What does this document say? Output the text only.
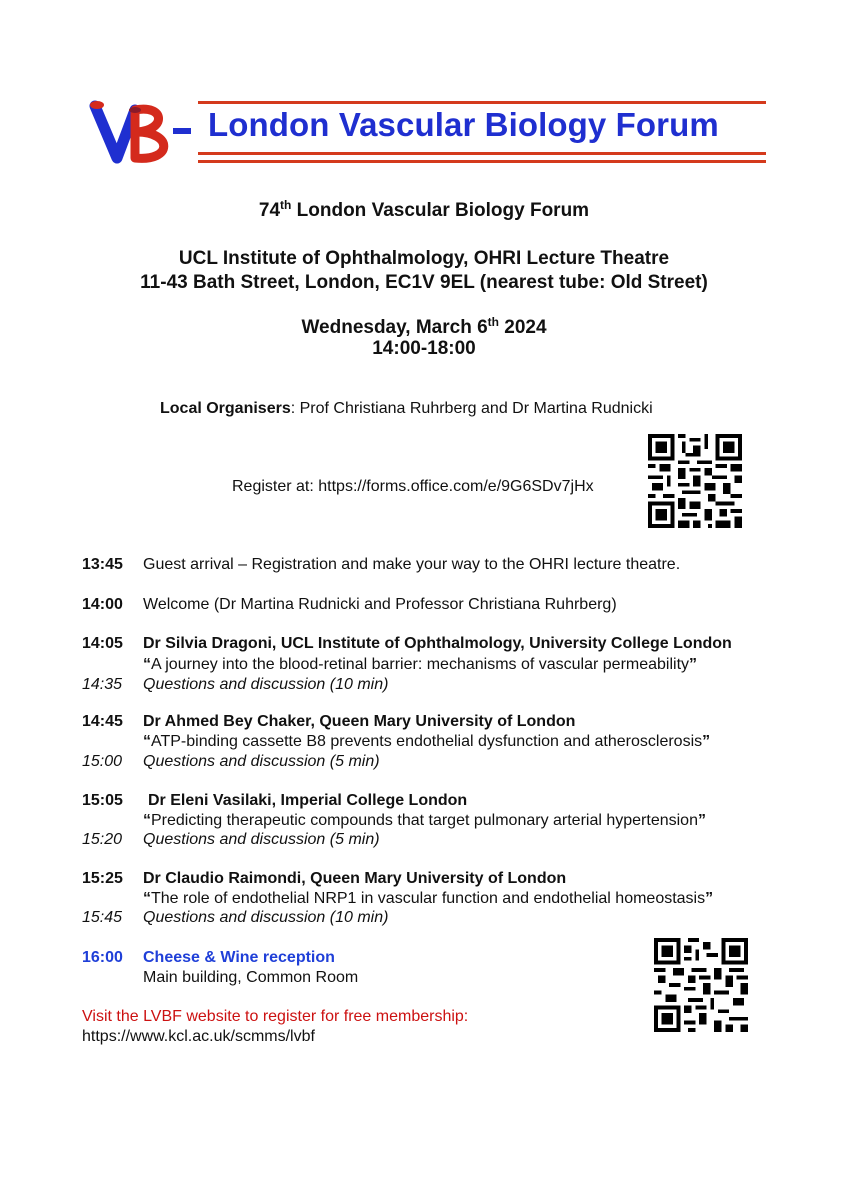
London Vascular Biology Forum
74th London Vascular Biology Forum
UCL Institute of Ophthalmology, OHRI Lecture Theatre
11-43 Bath Street, London, EC1V 9EL (nearest tube: Old Street)
Wednesday, March 6th 2024
14:00-18:00
Local Organisers: Prof Christiana Ruhrberg and Dr Martina Rudnicki
Register at: https://forms.office.com/e/9G6SDv7jHx
13:45 Guest arrival – Registration and make your way to the OHRI lecture theatre.
14:00 Welcome (Dr Martina Rudnicki and Professor Christiana Ruhrberg)
14:05 Dr Silvia Dragoni, UCL Institute of Ophthalmology, University College London
“A journey into the blood-retinal barrier: mechanisms of vascular permeability”
14:35 Questions and discussion (10 min)
14:45 Dr Ahmed Bey Chaker, Queen Mary University of London
“ATP-binding cassette B8 prevents endothelial dysfunction and atherosclerosis”
15:00 Questions and discussion (5 min)
15:05 Dr Eleni Vasilaki, Imperial College London
“Predicting therapeutic compounds that target pulmonary arterial hypertension”
15:20 Questions and discussion (5 min)
15:25 Dr Claudio Raimondi, Queen Mary University of London
“The role of endothelial NRP1 in vascular function and endothelial homeostasis”
15:45 Questions and discussion (10 min)
16:00 Cheese & Wine reception
Main building, Common Room
Visit the LVBF website to register for free membership:
https://www.kcl.ac.uk/scmms/lvbf
